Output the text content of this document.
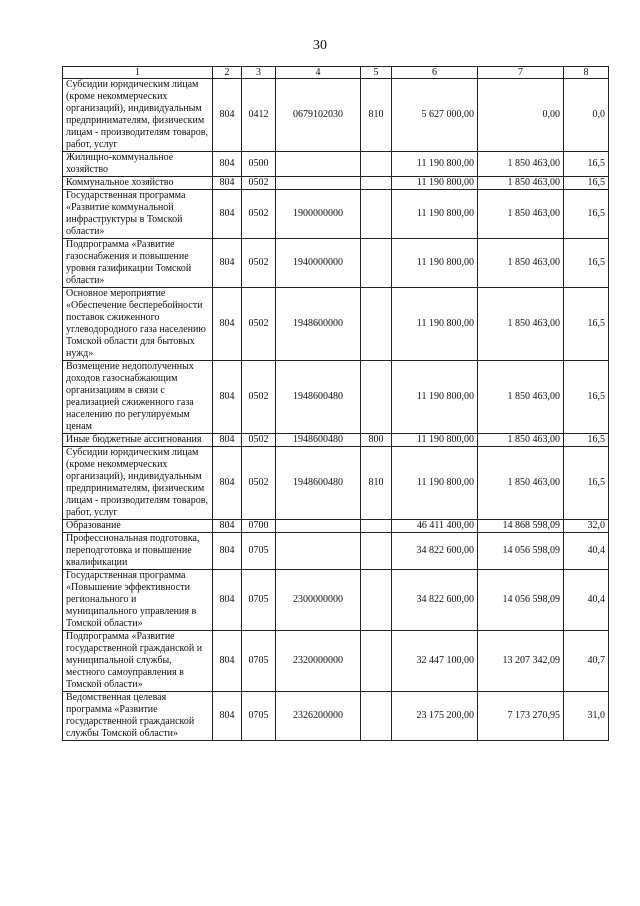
30
1	2	3	4	5	6	7	8
Субсидии юридическим лицам (кроме некоммерческих организаций), индивидуальным предпринимателям, физическим лицам - производителям товаров, работ, услуг	804	0412	0679102030	810	5 627 000,00	0,00	0,0
Жилищно-коммунальное хозяйство	804	0500			11 190 800,00	1 850 463,00	16,5
Коммунальное хозяйство	804	0502			11 190 800,00	1 850 463,00	16,5
Государственная программа «Развитие коммунальной инфраструктуры в Томской области»	804	0502	1900000000		11 190 800,00	1 850 463,00	16,5
Подпрограмма «Развитие газоснабжения и повышение уровня газификации Томской области»	804	0502	1940000000		11 190 800,00	1 850 463,00	16,5
Основное мероприятие «Обеспечение бесперебойности поставок сжиженного углеводородного газа населению Томской области для бытовых нужд»	804	0502	1948600000		11 190 800,00	1 850 463,00	16,5
Возмещение недополученных доходов газоснабжающим организациям в связи с реализацией сжиженного газа населению по регулируемым ценам	804	0502	1948600480		11 190 800,00	1 850 463,00	16,5
Иные бюджетные ассигнования	804	0502	1948600480	800	11 190 800,00	1 850 463,00	16,5
Субсидии юридическим лицам (кроме некоммерческих организаций), индивидуальным предпринимателям, физическим лицам - производителям товаров, работ, услуг	804	0502	1948600480	810	11 190 800,00	1 850 463,00	16,5
Образование	804	0700			46 411 400,00	14 868 598,09	32,0
Профессиональная подготовка, переподготовка и повышение квалификации	804	0705			34 822 600,00	14 056 598,09	40,4
Государственная программа «Повышение эффективности регионального и муниципального управления в Томской области»	804	0705	2300000000		34 822 600,00	14 056 598,09	40,4
Подпрограмма «Развитие государственной гражданской и муниципальной службы, местного самоуправления в Томской области»	804	0705	2320000000		32 447 100,00	13 207 342,09	40,7
Ведомственная целевая программа «Развитие государственной гражданской службы Томской области»	804	0705	2326200000		23 175 200,00	7 173 270,95	31,0
